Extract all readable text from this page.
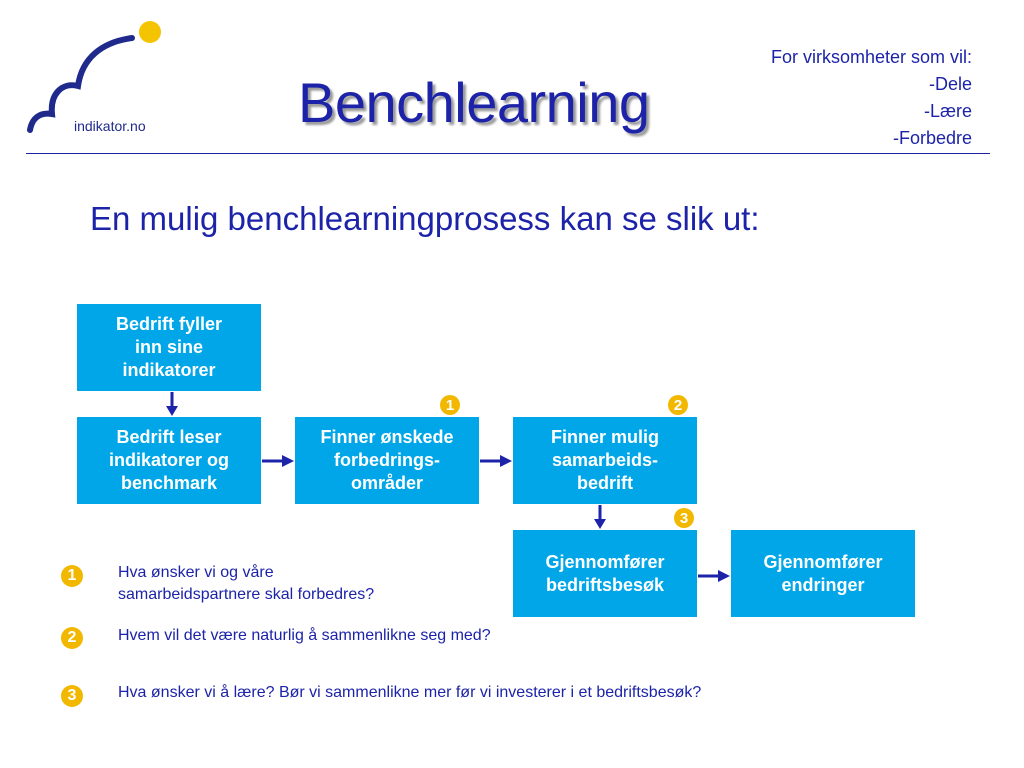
indikator.no	Benchlearning
For virksomheter som vil:
-Dele
-Lære
-Forbedre
En mulig benchlearningprosess kan se slik ut:
Bedrift fyller
inn sine
indikatorer
Bedrift leser
indikatorer og
benchmark
Finner ønskede
forbedrings-
områder
Finner mulig
samarbeids-
bedrift
Gjennomfører
bedriftsbesøk
Gjennomfører
endringer
1	2
3
1	Hva ønsker vi og våre
samarbeidspartnere skal forbedres?
2	Hvem vil det være naturlig å sammenlikne seg med?
3	Hva ønsker vi å lære? Bør vi sammenlikne mer før vi investerer i et bedriftsbesøk?
